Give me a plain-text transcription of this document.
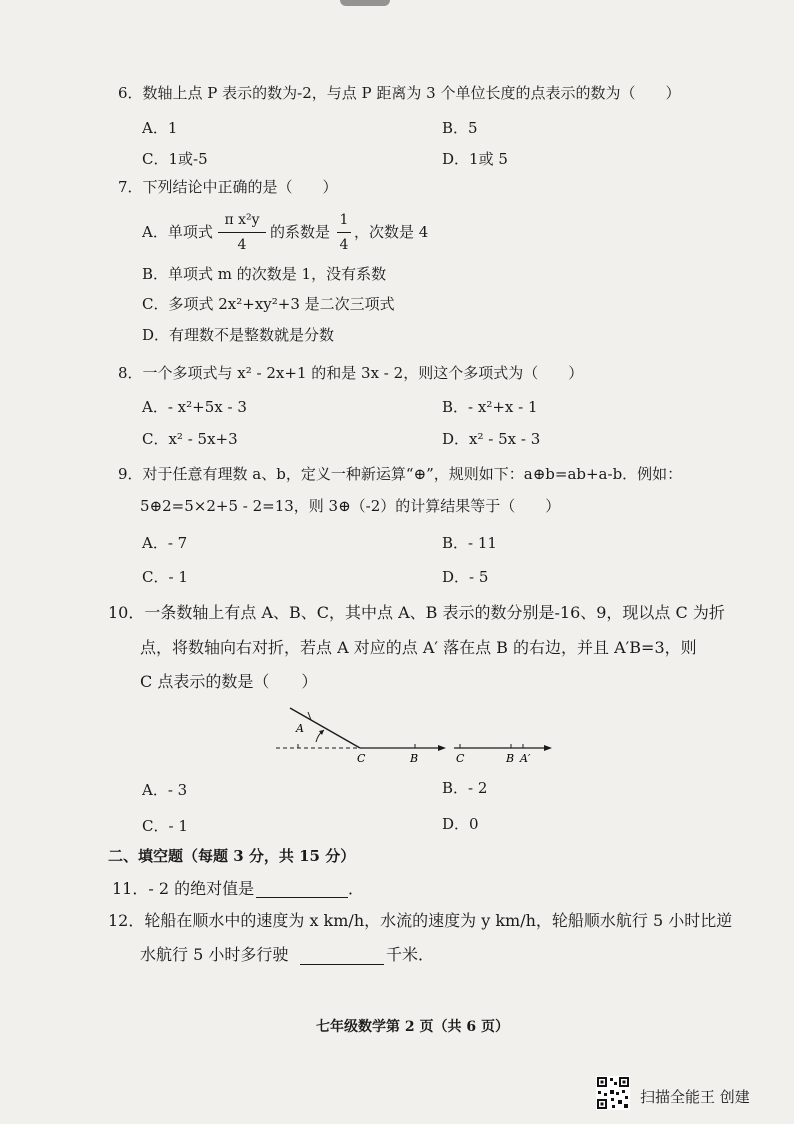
6．数轴上点 P 表示的数为-2，与点 P 距离为 3 个单位长度的点表示的数为（　　）
A．1	B．5
C．1或-5	D．1或 5
7．下列结论中正确的是（　　）
A．单项式
π x²y
4
的系数是
1
4
，次数是 4
B．单项式 m 的次数是 1，没有系数
C．多项式 2x²+xy²+3 是二次三项式
D．有理数不是整数就是分数
8．一个多项式与 x² - 2x+1 的和是 3x - 2，则这个多项式为（　　）
A．- x²+5x - 3	B．- x²+x - 1
C．x² - 5x+3	D．x² - 5x - 3
9．对于任意有理数 a、b，定义一种新运算“⊕”，规则如下：a⊕b=ab+a-b．例如：
5⊕2=5×2+5 - 2=13，则 3⊕（-2）的计算结果等于（　　）
A．- 7	B．- 11
C．- 1	D．- 5
10．一条数轴上有点 A、B、C，其中点 A、B 表示的数分别是-16、9，现以点 C 为折
点，将数轴向右对折，若点 A 对应的点 A′ 落在点 B 的右边，并且 A′B=3，则
C 点表示的数是（　　）
A
C	B	C	B A′
A．- 3	B．- 2
C．- 1	D．0
二、填空题（每题 3 分，共 15 分）
11．- 2 的绝对值是	．
12．轮船在顺水中的速度为 x km/h，水流的速度为 y km/h，轮船顺水航行 5 小时比逆
水航行 5 小时多行驶	千米．
七年级数学第 2 页（共 6 页）
扫描全能王 创建
